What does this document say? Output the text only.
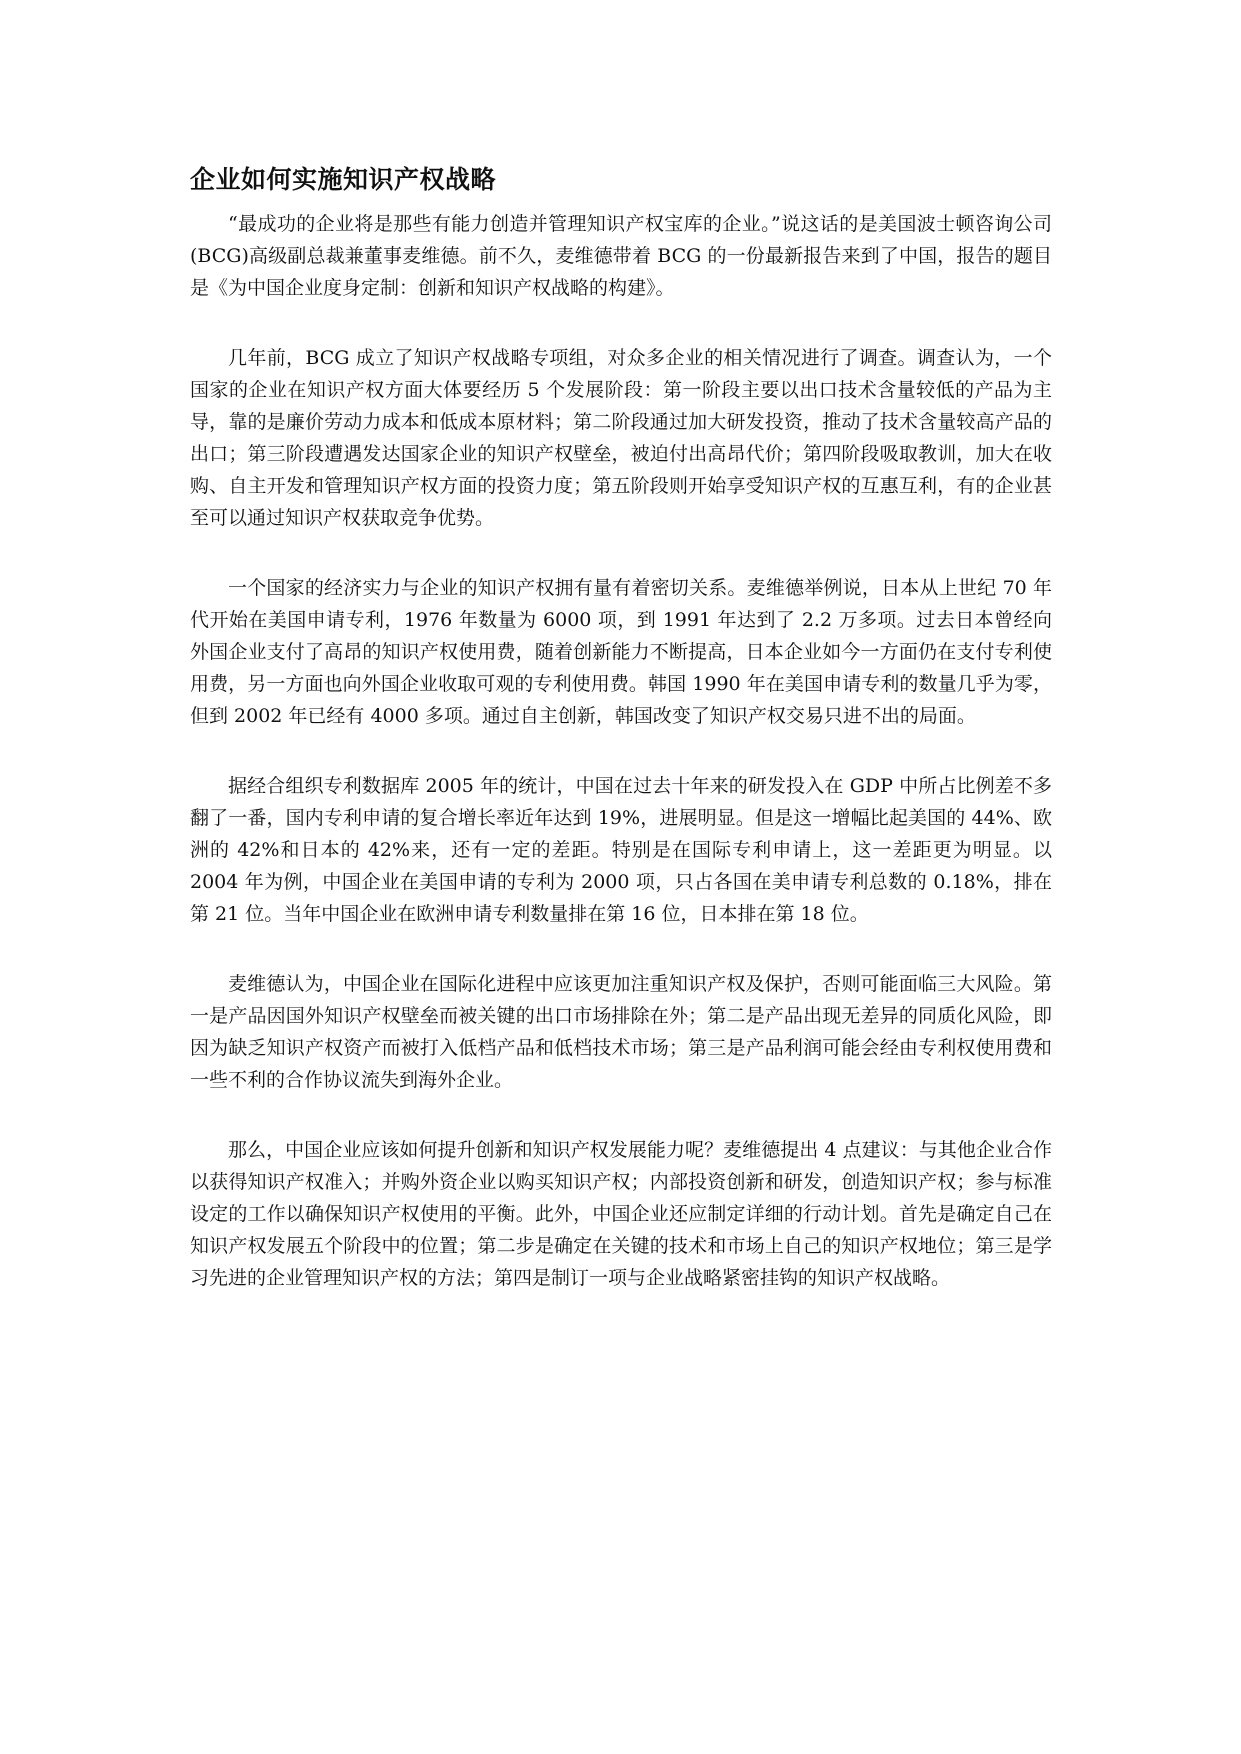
企业如何实施知识产权战略

“最成功的企业将是那些有能力创造并管理知识产权宝库的企业。”说这话的是美国波士顿咨询公司(BCG)高级副总裁兼董事麦维德。前不久，麦维德带着 BCG 的一份最新报告来到了中国，报告的题目是《为中国企业度身定制：创新和知识产权战略的构建》。

几年前，BCG 成立了知识产权战略专项组，对众多企业的相关情况进行了调查。调查认为，一个国家的企业在知识产权方面大体要经历 5 个发展阶段：第一阶段主要以出口技术含量较低的产品为主导，靠的是廉价劳动力成本和低成本原材料；第二阶段通过加大研发投资，推动了技术含量较高产品的出口；第三阶段遭遇发达国家企业的知识产权壁垒，被迫付出高昂代价；第四阶段吸取教训，加大在收购、自主开发和管理知识产权方面的投资力度；第五阶段则开始享受知识产权的互惠互利，有的企业甚至可以通过知识产权获取竞争优势。

一个国家的经济实力与企业的知识产权拥有量有着密切关系。麦维德举例说，日本从上世纪 70 年代开始在美国申请专利，1976 年数量为 6000 项，到 1991 年达到了 2.2 万多项。过去日本曾经向外国企业支付了高昂的知识产权使用费，随着创新能力不断提高，日本企业如今一方面仍在支付专利使用费，另一方面也向外国企业收取可观的专利使用费。韩国 1990 年在美国申请专利的数量几乎为零，但到 2002 年已经有 4000 多项。通过自主创新，韩国改变了知识产权交易只进不出的局面。

据经合组织专利数据库 2005 年的统计，中国在过去十年来的研发投入在 GDP 中所占比例差不多翻了一番，国内专利申请的复合增长率近年达到 19%，进展明显。但是这一增幅比起美国的 44%、欧洲的 42%和日本的 42%来，还有一定的差距。特别是在国际专利申请上，这一差距更为明显。以 2004 年为例，中国企业在美国申请的专利为 2000 项，只占各国在美申请专利总数的 0.18%，排在第 21 位。当年中国企业在欧洲申请专利数量排在第 16 位，日本排在第 18 位。

麦维德认为，中国企业在国际化进程中应该更加注重知识产权及保护，否则可能面临三大风险。第一是产品因国外知识产权壁垒而被关键的出口市场排除在外；第二是产品出现无差异的同质化风险，即因为缺乏知识产权资产而被打入低档产品和低档技术市场；第三是产品利润可能会经由专利权使用费和一些不利的合作协议流失到海外企业。

那么，中国企业应该如何提升创新和知识产权发展能力呢？麦维德提出 4 点建议：与其他企业合作以获得知识产权准入；并购外资企业以购买知识产权；内部投资创新和研发，创造知识产权；参与标准设定的工作以确保知识产权使用的平衡。此外，中国企业还应制定详细的行动计划。首先是确定自己在知识产权发展五个阶段中的位置；第二步是确定在关键的技术和市场上自己的知识产权地位；第三是学习先进的企业管理知识产权的方法；第四是制订一项与企业战略紧密挂钩的知识产权战略。
